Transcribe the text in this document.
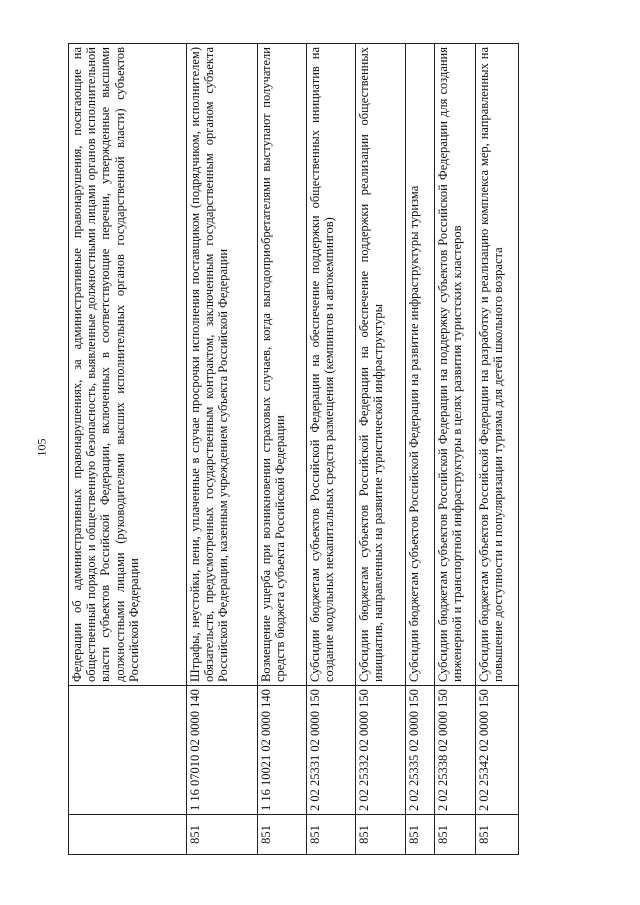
105
		Федерации об административных правонарушениях, за административные правонарушения, посягающие на общественный порядок и общественную безопасность, выявленные должностными лицами органов исполнительной власти субъектов Российской Федерации, включенных в соответствующие перечни, утвержденные высшими должностными лицами (руководителями высших исполнительных органов государственной власти) субъектов Российской Федерации
851	1 16 07010 02 0000 140	Штрафы, неустойки, пени, уплаченные в случае просрочки исполнения поставщиком (подрядчиком, исполнителем) обязательств, предусмотренных государственным контрактом, заключенным государственным органом субъекта Российской Федерации, казенным учреждением субъекта Российской Федерации
851	1 16 10021 02 0000 140	Возмещение ущерба при возникновении страховых случаев, когда выгодоприобретателями выступают получатели средств бюджета субъекта Российской Федерации
851	2 02 25331 02 0000 150	Субсидии бюджетам субъектов Российской Федерации на обеспечение поддержки общественных инициатив на создание модульных некапитальных средств размещения (кемпингов и автокемпингов)
851	2 02 25332 02 0000 150	Субсидии бюджетам субъектов Российской Федерации на обеспечение поддержки реализации общественных инициатив, направленных на развитие туристической инфраструктуры
851	2 02 25335 02 0000 150	Субсидии бюджетам субъектов Российской Федерации на развитие инфраструктуры туризма
851	2 02 25338 02 0000 150	Субсидии бюджетам субъектов Российской Федерации на поддержку субъектов Российской Федерации для создания инженерной и транспортной инфраструктуры в целях развития туристских кластеров
851	2 02 25342 02 0000 150	Субсидии бюджетам субъектов Российской Федерации на разработку и реализацию комплекса мер, направленных на повышение доступности и популяризации туризма для детей школьного возраста
